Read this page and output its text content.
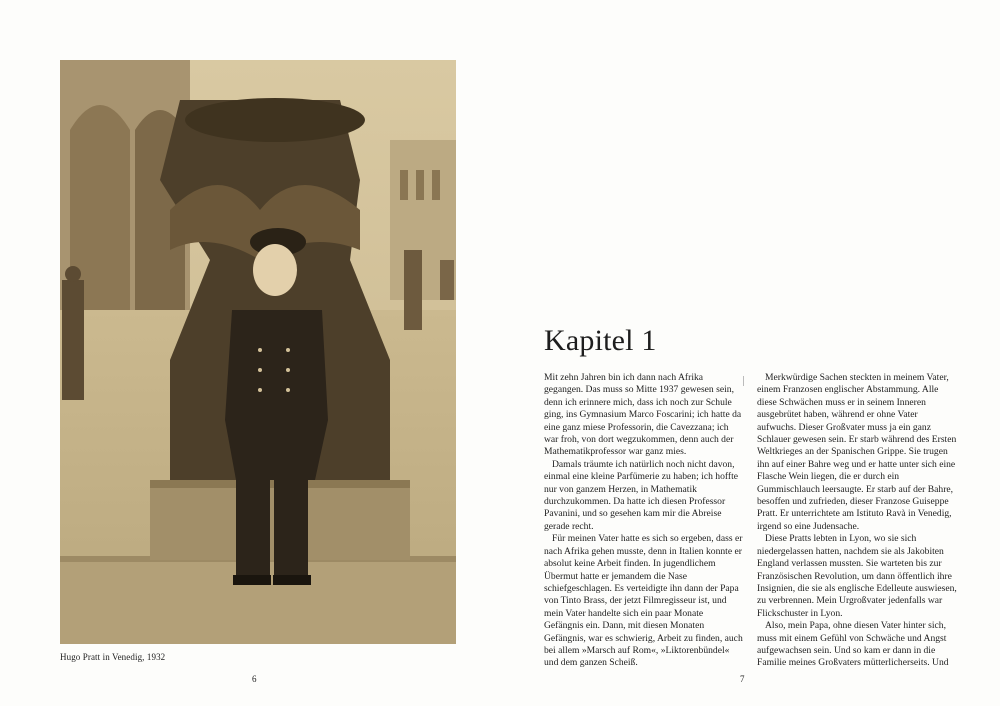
Hugo Pratt in Venedig, 1932
6
Kapitel 1

Mit zehn Jahren bin ich dann nach Afrika gegangen. Das muss so Mitte 1937 gewesen sein, denn ich erinnere mich, dass ich noch zur Schule ging, ins Gymnasium Marco Foscarini; ich hatte da eine ganz miese Professorin, die Cavezzana; ich war froh, von dort wegzukommen, denn auch der Mathematikprofessor war ganz mies.

Damals träumte ich natürlich noch nicht davon, einmal eine kleine Parfümerie zu haben; ich hoffte nur von ganzem Herzen, in Mathematik durchzukommen. Da hatte ich diesen Professor Pavanini, und so gesehen kam mir die Abreise gerade recht.

Für meinen Vater hatte es sich so ergeben, dass er nach Afrika gehen musste, denn in Italien konnte er absolut keine Arbeit finden. In jugendlichem Übermut hatte er jemandem die Nase schiefgeschlagen. Es verteidigte ihn dann der Papa von Tinto Brass, der jetzt Filmregisseur ist, und mein Vater handelte sich ein paar Monate Gefängnis ein. Dann, mit diesen Monaten Gefängnis, war es schwierig, Arbeit zu finden, auch bei allem »Marsch auf Rom«, »Liktorenbündel« und dem ganzen Scheiß.

Merkwürdige Sachen steckten in meinem Vater, einem Franzosen englischer Abstammung. Alle diese Schwächen muss er in seinem Inneren ausgebrütet haben, während er ohne Vater aufwuchs. Dieser Großvater muss ja ein ganz Schlauer gewesen sein. Er starb während des Ersten Weltkrieges an der Spanischen Grippe. Sie trugen ihn auf einer Bahre weg und er hatte unter sich eine Flasche Wein liegen, die er durch ein Gummischlauch leersaugte. Er starb auf der Bahre, besoffen und zufrieden, dieser Franzose Guiseppe Pratt. Er unterrichtete am Istituto Ravà in Venedig, irgend so eine Judensache.

Diese Pratts lebten in Lyon, wo sie sich niedergelassen hatten, nachdem sie als Jakobiten England verlassen mussten. Sie warteten bis zur Französischen Revolution, um dann öffentlich ihre Insignien, die sie als englische Edelleute auswiesen, zu verbrennen. Mein Urgroßvater jedenfalls war Flickschuster in Lyon.

Also, mein Papa, ohne diesen Vater hinter sich, muss mit einem Gefühl von Schwäche und Angst aufgewachsen sein. Und so kam er dann in die Familie meines Großvaters mütterlicherseits. Und

7
